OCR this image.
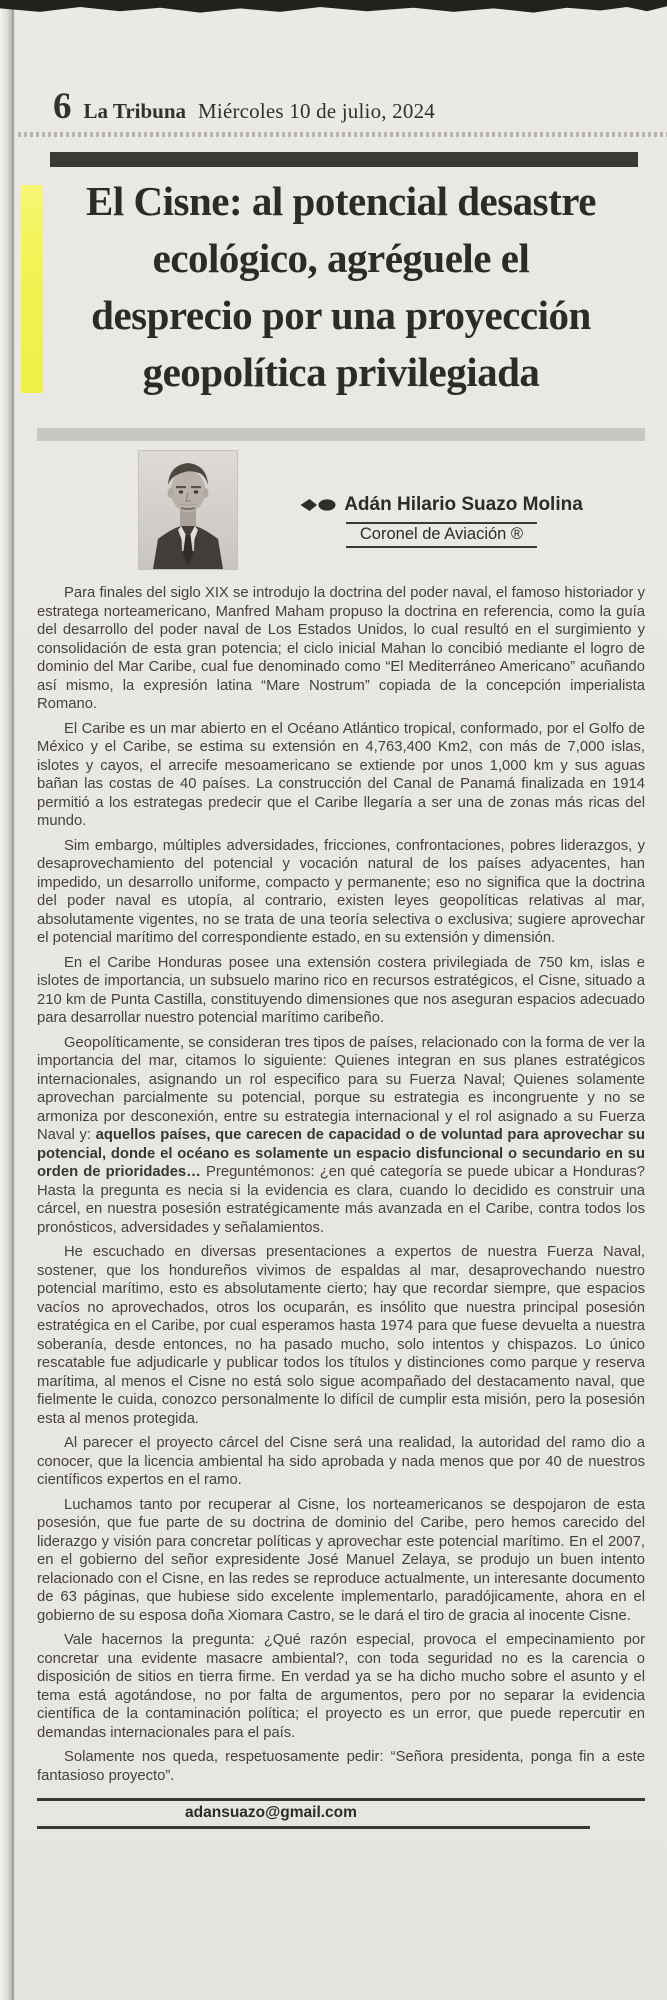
6 La Tribuna Miércoles 10 de julio, 2024
El Cisne: al potencial desastre
ecológico, agréguele el
desprecio por una proyección
geopolítica privilegiada
Adán Hilario Suazo Molina

Coronel de Aviación ®

Para finales del siglo XIX se introdujo la doctrina del poder naval, el famoso historiador y estratega norteamericano, Manfred Maham propuso la doctrina en referencia, como la guía del desarrollo del poder naval de Los Estados Unidos, lo cual resultó en el surgimiento y consolidación de esta gran potencia; el ciclo inicial Mahan lo concibió mediante el logro de dominio del Mar Caribe, cual fue denominado como “El Mediterráneo Americano” acuñando así mismo, la expresión latina “Mare Nostrum” copiada de la concepción imperialista Romano.

El Caribe es un mar abierto en el Océano Atlántico tropical, conformado, por el Golfo de México y el Caribe, se estima su extensión en 4,763,400 Km2, con más de 7,000 islas, islotes y cayos, el arrecife mesoamericano se extiende por unos 1,000 km y sus aguas bañan las costas de 40 países. La construcción del Canal de Panamá finalizada en 1914 permitió a los estrategas predecir que el Caribe llegaría a ser una de zonas más ricas del mundo.

Sim embargo, múltiples adversidades, fricciones, confrontaciones, pobres liderazgos, y desaprovechamiento del potencial y vocación natural de los países adyacentes, han impedido, un desarrollo uniforme, compacto y permanente; eso no significa que la doctrina del poder naval es utopía, al contrario, existen leyes geopolíticas relativas al mar, absolutamente vigentes, no se trata de una teoría selectiva o exclusiva; sugiere aprovechar el potencial marítimo del correspondiente estado, en su extensión y dimensión.

En el Caribe Honduras posee una extensión costera privilegiada de 750 km, islas e islotes de importancia, un subsuelo marino rico en recursos estratégicos, el Cisne, situado a 210 km de Punta Castilla, constituyendo dimensiones que nos aseguran espacios adecuado para desarrollar nuestro potencial marítimo caribeño.

Geopolíticamente, se consideran tres tipos de países, relacionado con la forma de ver la importancia del mar, citamos lo siguiente: Quienes integran en sus planes estratégicos internacionales, asignando un rol especifico para su Fuerza Naval; Quienes solamente aprovechan parcialmente su potencial, porque su estrategia es incongruente y no se armoniza por desconexión, entre su estrategia internacional y el rol asignado a su Fuerza Naval y: aquellos países, que carecen de capacidad o de voluntad para aprovechar su potencial, donde el océano es solamente un espacio disfuncional o secundario en su orden de prioridades… Preguntémonos: ¿en qué categoría se puede ubicar a Honduras? Hasta la pregunta es necia si la evidencia es clara, cuando lo decidido es construir una cárcel, en nuestra posesión estratégicamente más avanzada en el Caribe, contra todos los pronósticos, adversidades y señalamientos.

He escuchado en diversas presentaciones a expertos de nuestra Fuerza Naval, sostener, que los hondureños vivimos de espaldas al mar, desaprovechando nuestro potencial marítimo, esto es absolutamente cierto; hay que recordar siempre, que espacios vacíos no aprovechados, otros los ocuparán, es insólito que nuestra principal posesión estratégica en el Caribe, por cual esperamos hasta 1974 para que fuese devuelta a nuestra soberanía, desde entonces, no ha pasado mucho, solo intentos y chispazos. Lo único rescatable fue adjudicarle y publicar todos los títulos y distinciones como parque y reserva marítima, al menos el Cisne no está solo sigue acompañado del destacamento naval, que fielmente le cuida, conozco personalmente lo difícil de cumplir esta misión, pero la posesión esta al menos protegida.

Al parecer el proyecto cárcel del Cisne será una realidad, la autoridad del ramo dio a conocer, que la licencia ambiental ha sido aprobada y nada menos que por 40 de nuestros científicos expertos en el ramo.

Luchamos tanto por recuperar al Cisne, los norteamericanos se despojaron de esta posesión, que fue parte de su doctrina de dominio del Caribe, pero hemos carecido del liderazgo y visión para concretar políticas y aprovechar este potencial marítimo. En el 2007, en el gobierno del señor expresidente José Manuel Zelaya, se produjo un buen intento relacionado con el Cisne, en las redes se reproduce actualmente, un interesante documento de 63 páginas, que hubiese sido excelente implementarlo, paradójicamente, ahora en el gobierno de su esposa doña Xiomara Castro, se le dará el tiro de gracia al inocente Cisne.

Vale hacernos la pregunta: ¿Qué razón especial, provoca el empecinamiento por concretar una evidente masacre ambiental?, con toda seguridad no es la carencia o disposición de sitios en tierra firme. En verdad ya se ha dicho mucho sobre el asunto y el tema está agotándose, no por falta de argumentos, pero por no separar la evidencia científica de la contaminación política; el proyecto es un error, que puede repercutir en demandas internacionales para el país.

Solamente nos queda, respetuosamente pedir: “Señora presidenta, ponga fin a este fantasioso proyecto”.

adansuazo@gmail.com
